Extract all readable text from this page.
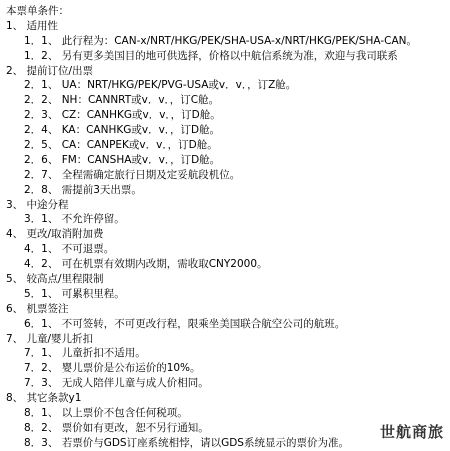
本票单条件：
1、 适用性
1．1、 此行程为：CAN-x/NRT/HKG/PEK/SHA-USA-x/NRT/HKG/PEK/SHA-CAN。
1．2、 另有更多美国目的地可供选择，价格以中航信系统为准，欢迎与我司联系
2、 提前订位/出票
2．1、 UA：NRT/HKG/PEK/PVG-USA或v．v．，订Z舱。
2．2、 NH：CANNRT或v．v．，订C舱。
2．3、 CZ：CANHKG或v．v．，订D舱。
2．4、 KA：CANHKG或v．v．，订D舱。
2．5、 CA：CANPEK或v．v．，订D舱。
2．6、 FM：CANSHA或v．v．，订D舱。
2．7、 全程需确定旅行日期及定妥航段机位。
2．8、 需提前3天出票。
3、 中途分程
3．1、 不允许停留。
4、 更改/取消附加费
4．1、 不可退票。
4．2、 可在机票有效期内改期，需收取CNY2000。
5、 较高点/里程限制
5．1、 可累积里程。
6、 机票签注
6．1、 不可签转，不可更改行程，限乘坐美国联合航空公司的航班。
7、 儿童/婴儿折扣
7．1、 儿童折扣不适用。
7．2、 婴儿票价是公布运价的10%。
7．3、 无成人陪伴儿童与成人价相同。
8、 其它条款y1
8．1、 以上票价不包含任何税项。
8．2、 票价如有更改，恕不另行通知。
8．3、 若票价与GDS订座系统相悖，请以GDS系统显示的票价为准。
世航商旅
